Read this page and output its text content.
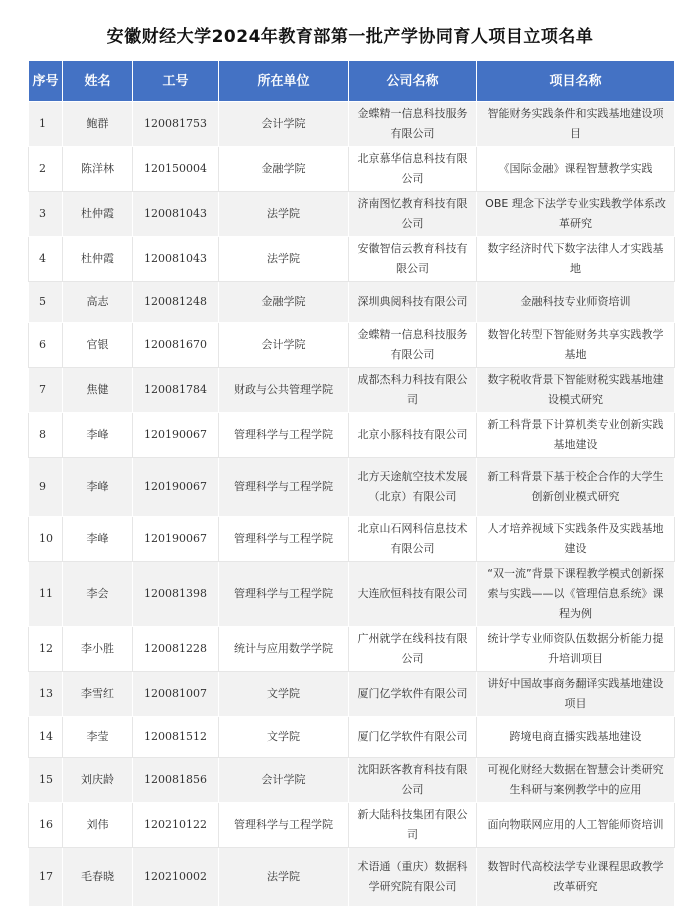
安徽财经大学2024年教育部第一批产学协同育人项目立项名单
序号	姓名	工号	所在单位	公司名称	项目名称
1	鲍群	120081753	会计学院	金蝶精一信息科技服务有限公司	智能财务实践条件和实践基地建设项目
2	陈洋林	120150004	金融学院	北京慕华信息科技有限公司	《国际金融》课程智慧教学实践
3	杜仲霞	120081043	法学院	济南图忆教育科技有限公司	OBE 理念下法学专业实践教学体系改革研究
4	杜仲霞	120081043	法学院	安徽智信云教育科技有限公司	数字经济时代下数字法律人才实践基地
5	高志	120081248	金融学院	深圳典阅科技有限公司	金融科技专业师资培训
6	官银	120081670	会计学院	金蝶精一信息科技服务有限公司	数智化转型下智能财务共享实践教学基地
7	焦健	120081784	财政与公共管理学院	成都杰科力科技有限公司	数字税收背景下智能财税实践基地建设模式研究
8	李峰	120190067	管理科学与工程学院	北京小豚科技有限公司	新工科背景下计算机类专业创新实践基地建设
9	李峰	120190067	管理科学与工程学院	北方天途航空技术发展（北京）有限公司	新工科背景下基于校企合作的大学生创新创业模式研究
10	李峰	120190067	管理科学与工程学院	北京山石网科信息技术有限公司	人才培养视域下实践条件及实践基地建设
11	李会	120081398	管理科学与工程学院	大连欣恒科技有限公司	“双一流”背景下课程教学模式创新探索与实践——以《管理信息系统》课程为例
12	李小胜	120081228	统计与应用数学学院	广州就学在线科技有限公司	统计学专业师资队伍数据分析能力提升培训项目
13	李雪红	120081007	文学院	厦门亿学软件有限公司	讲好中国故事商务翻译实践基地建设项目
14	李莹	120081512	文学院	厦门亿学软件有限公司	跨境电商直播实践基地建设
15	刘庆龄	120081856	会计学院	沈阳跃客教育科技有限公司	可视化财经大数据在智慧会计类研究生科研与案例教学中的应用
16	刘伟	120210122	管理科学与工程学院	新大陆科技集团有限公司	面向物联网应用的人工智能师资培训
17	毛春晓	120210002	法学院	术语通（重庆）数据科学研究院有限公司	数智时代高校法学专业课程思政教学改革研究
